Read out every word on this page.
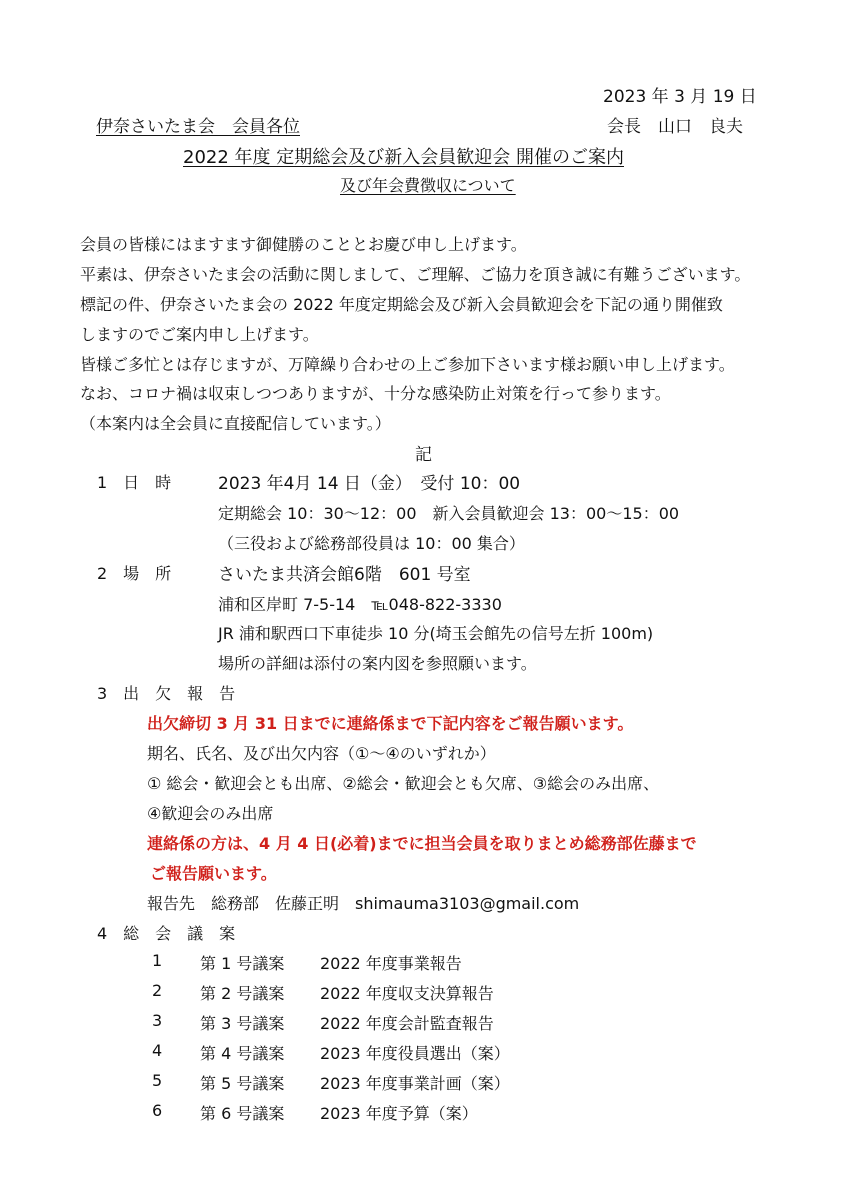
2023 年 3 月 19 日
伊奈さいたま会　会員各位	会長　山口　良夫
2022 年度 定期総会及び新入会員歓迎会 開催のご案内
及び年会費徴収について
会員の皆様にはますます御健勝のこととお慶び申し上げます。
平素は、伊奈さいたま会の活動に関しまして、ご理解、ご協力を頂き誠に有難うございます。
標記の件、伊奈さいたま会の 2022 年度定期総会及び新入会員歓迎会を下記の通り開催致
しますのでご案内申し上げます。
皆様ご多忙とは存じますが、万障繰り合わせの上ご参加下さいます様お願い申し上げます。
なお、コロナ禍は収束しつつありますが、十分な感染防止対策を行って参ります。
（本案内は全会員に直接配信しています。）
記
1　日　時	2023 年4月 14 日（金）　受付 10：00
定期総会 10：30～12：00　新入会員歓迎会 13：00～15：00
（三役および総務部役員は 10：00 集合）
2　場　所	さいたま共済会館6階　601 号室
浦和区岸町 7-5-14　℡048-822-3330
JR 浦和駅西口下車徒歩 10 分(埼玉会館先の信号左折 100m)
場所の詳細は添付の案内図を参照願います。
3　出　欠　報　告
出欠締切 3 月 31 日までに連絡係まで下記内容をご報告願います。
期名、氏名、及び出欠内容（①～④のいずれか）
① 総会・歓迎会とも出席、②総会・歓迎会とも欠席、③総会のみ出席、
④歓迎会のみ出席
連絡係の方は、4 月 4 日(必着)までに担当会員を取りまとめ総務部佐藤まで
ご報告願います。
報告先　総務部　佐藤正明　shimauma3103@gmail.com
4　総　会　議　案
1 第 1 号議案 2022 年度事業報告
2 第 2 号議案 2022 年度収支決算報告
3 第 3 号議案 2022 年度会計監査報告
4 第 4 号議案 2023 年度役員選出（案）
5 第 5 号議案 2023 年度事業計画（案）
6 第 6 号議案 2023 年度予算（案）
